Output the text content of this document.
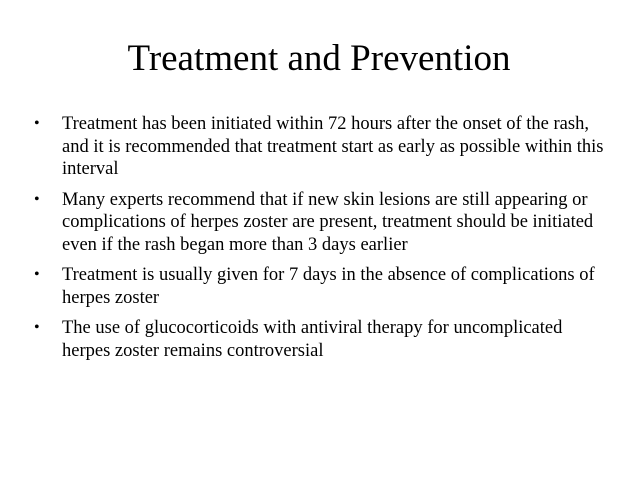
Treatment and Prevention
•	Treatment has been initiated within 72 hours after the onset of the rash, and it is recommended that treatment start as early as possible within this interval
•	Many experts recommend that if new skin lesions are still appearing or complications of herpes zoster are present, treatment should be initiated even if the rash began more than 3 days earlier
•	Treatment is usually given for 7 days in the absence of complications of herpes zoster
•	The use of glucocorticoids with antiviral therapy for uncomplicated herpes zoster remains controversial
